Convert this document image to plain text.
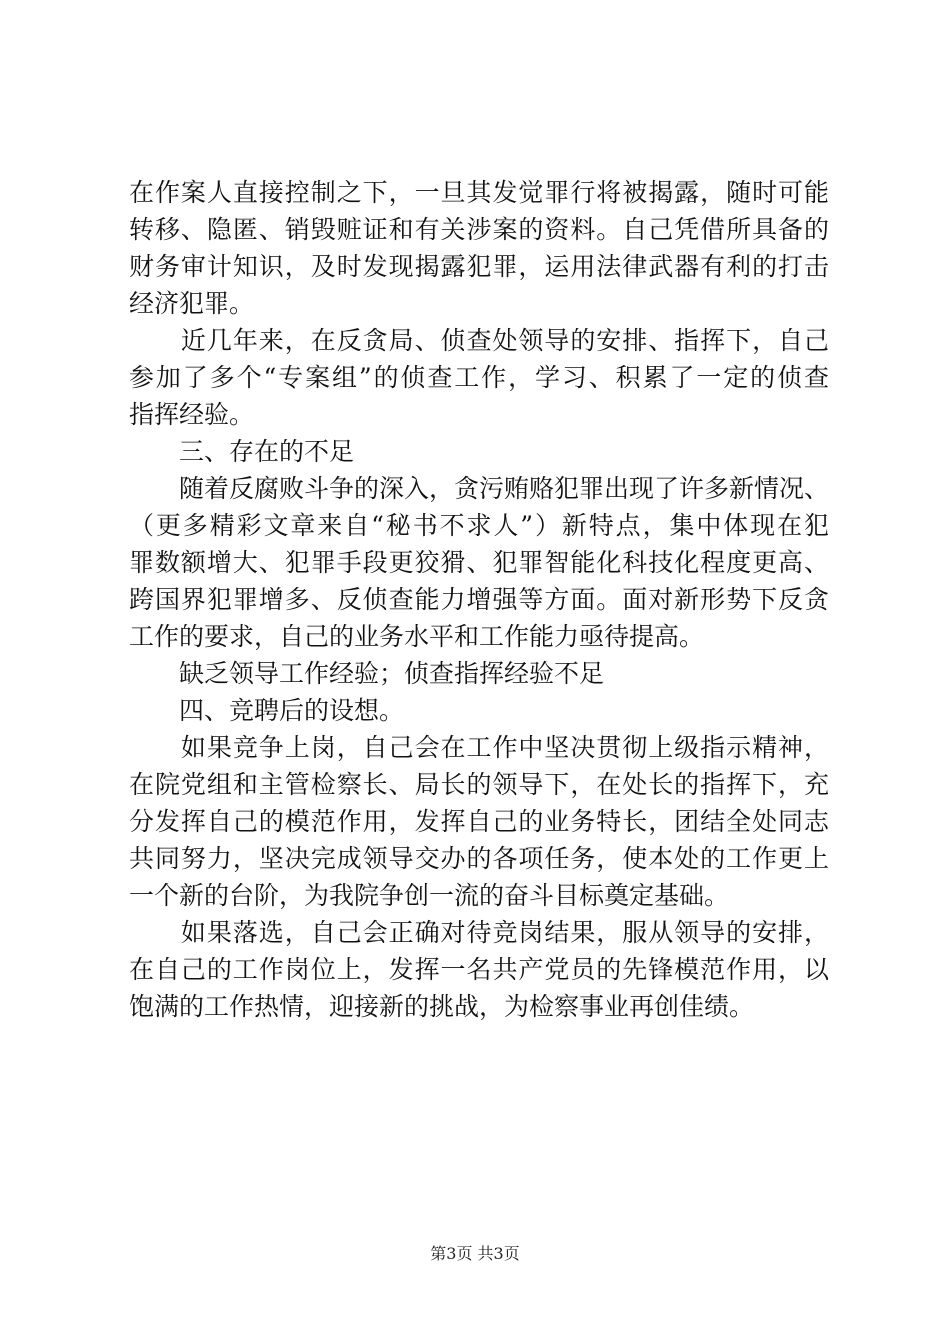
在作案人直接控制之下，一旦其发觉罪行将被揭露，随时可能
转移、隐匿、销毁赃证和有关涉案的资料。自己凭借所具备的
财务审计知识，及时发现揭露犯罪，运用法律武器有利的打击
经济犯罪。
　　近几年来，在反贪局、侦查处领导的安排、指挥下，自己
参加了多个“专案组”的侦查工作，学习、积累了一定的侦查
指挥经验。
　　三、存在的不足
　　随着反腐败斗争的深入，贪污贿赂犯罪出现了许多新情况、
（更多精彩文章来自“秘书不求人”）新特点，集中体现在犯
罪数额增大、犯罪手段更狡猾、犯罪智能化科技化程度更高、
跨国界犯罪增多、反侦查能力增强等方面。面对新形势下反贪
工作的要求，自己的业务水平和工作能力亟待提高。
　　缺乏领导工作经验；侦查指挥经验不足
　　四、竞聘后的设想。
　　如果竞争上岗，自己会在工作中坚决贯彻上级指示精神，
在院党组和主管检察长、局长的领导下，在处长的指挥下，充
分发挥自己的模范作用，发挥自己的业务特长，团结全处同志
共同努力，坚决完成领导交办的各项任务，使本处的工作更上
一个新的台阶，为我院争创一流的奋斗目标奠定基础。
　　如果落选，自己会正确对待竞岗结果，服从领导的安排，
在自己的工作岗位上，发挥一名共产党员的先锋模范作用，以
饱满的工作热情，迎接新的挑战，为检察事业再创佳绩。
第3页 共3页
